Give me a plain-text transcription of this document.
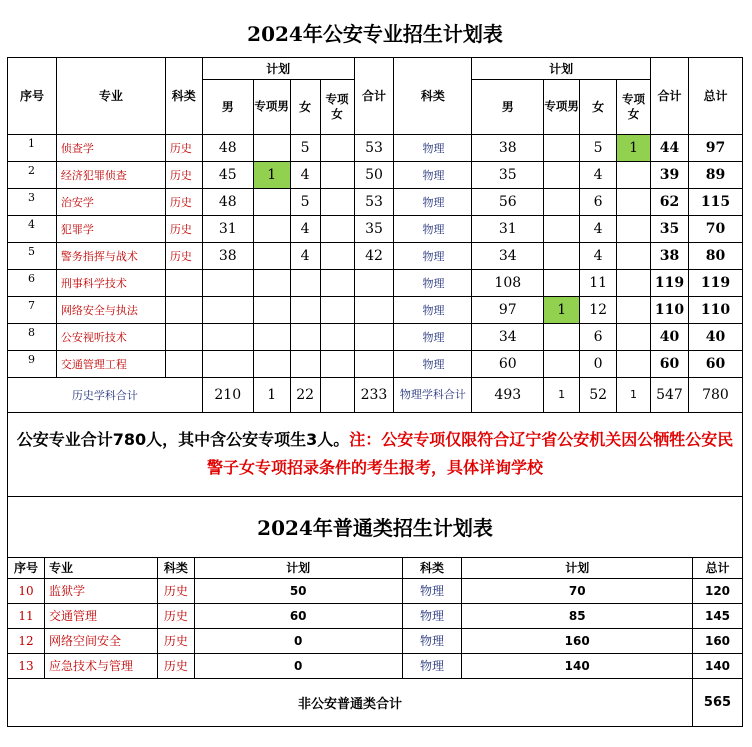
2024年公安专业招生计划表														
序号	专业	科类	计划				合计	科类	计划				合计	总计
			男	专项男	女	专项女			男	专项男	女	专项女		
1	侦查学	历史	48		5		53	物理	38		5	1	44	97
2	经济犯罪侦查	历史	45	1	4		50	物理	35		4		39	89
3	治安学	历史	48		5		53	物理	56		6		62	115
4	犯罪学	历史	31		4		35	物理	31		4		35	70
5	警务指挥与战术	历史	38		4		42	物理	34		4		38	80
6	刑事科学技术							物理	108		11		119	119
7	网络安全与执法							物理	97	1	12		110	110
8	公安视听技术							物理	34		6		40	40
9	交通管理工程							物理	60		0		60	60
历史学科合计			210	1	22		233	物理学科合计	493	1	52	1	547	780
公安专业合计780人，其中含公安专项生3人。注：公安专项仅限符合辽宁省公安机关因公牺牲公安民警子女专项招录条件的考生报考，具体详询学校														
2024年普通类招生计划表														
序号	专业	科类	计划	科类	计划	总计
10	监狱学	历史	50	物理	70	120
11	交通管理	历史	60	物理	85	145
12	网络空间安全	历史	0	物理	160	160
13	应急技术与管理	历史	0	物理	140	140
非公安普通类合计						565
